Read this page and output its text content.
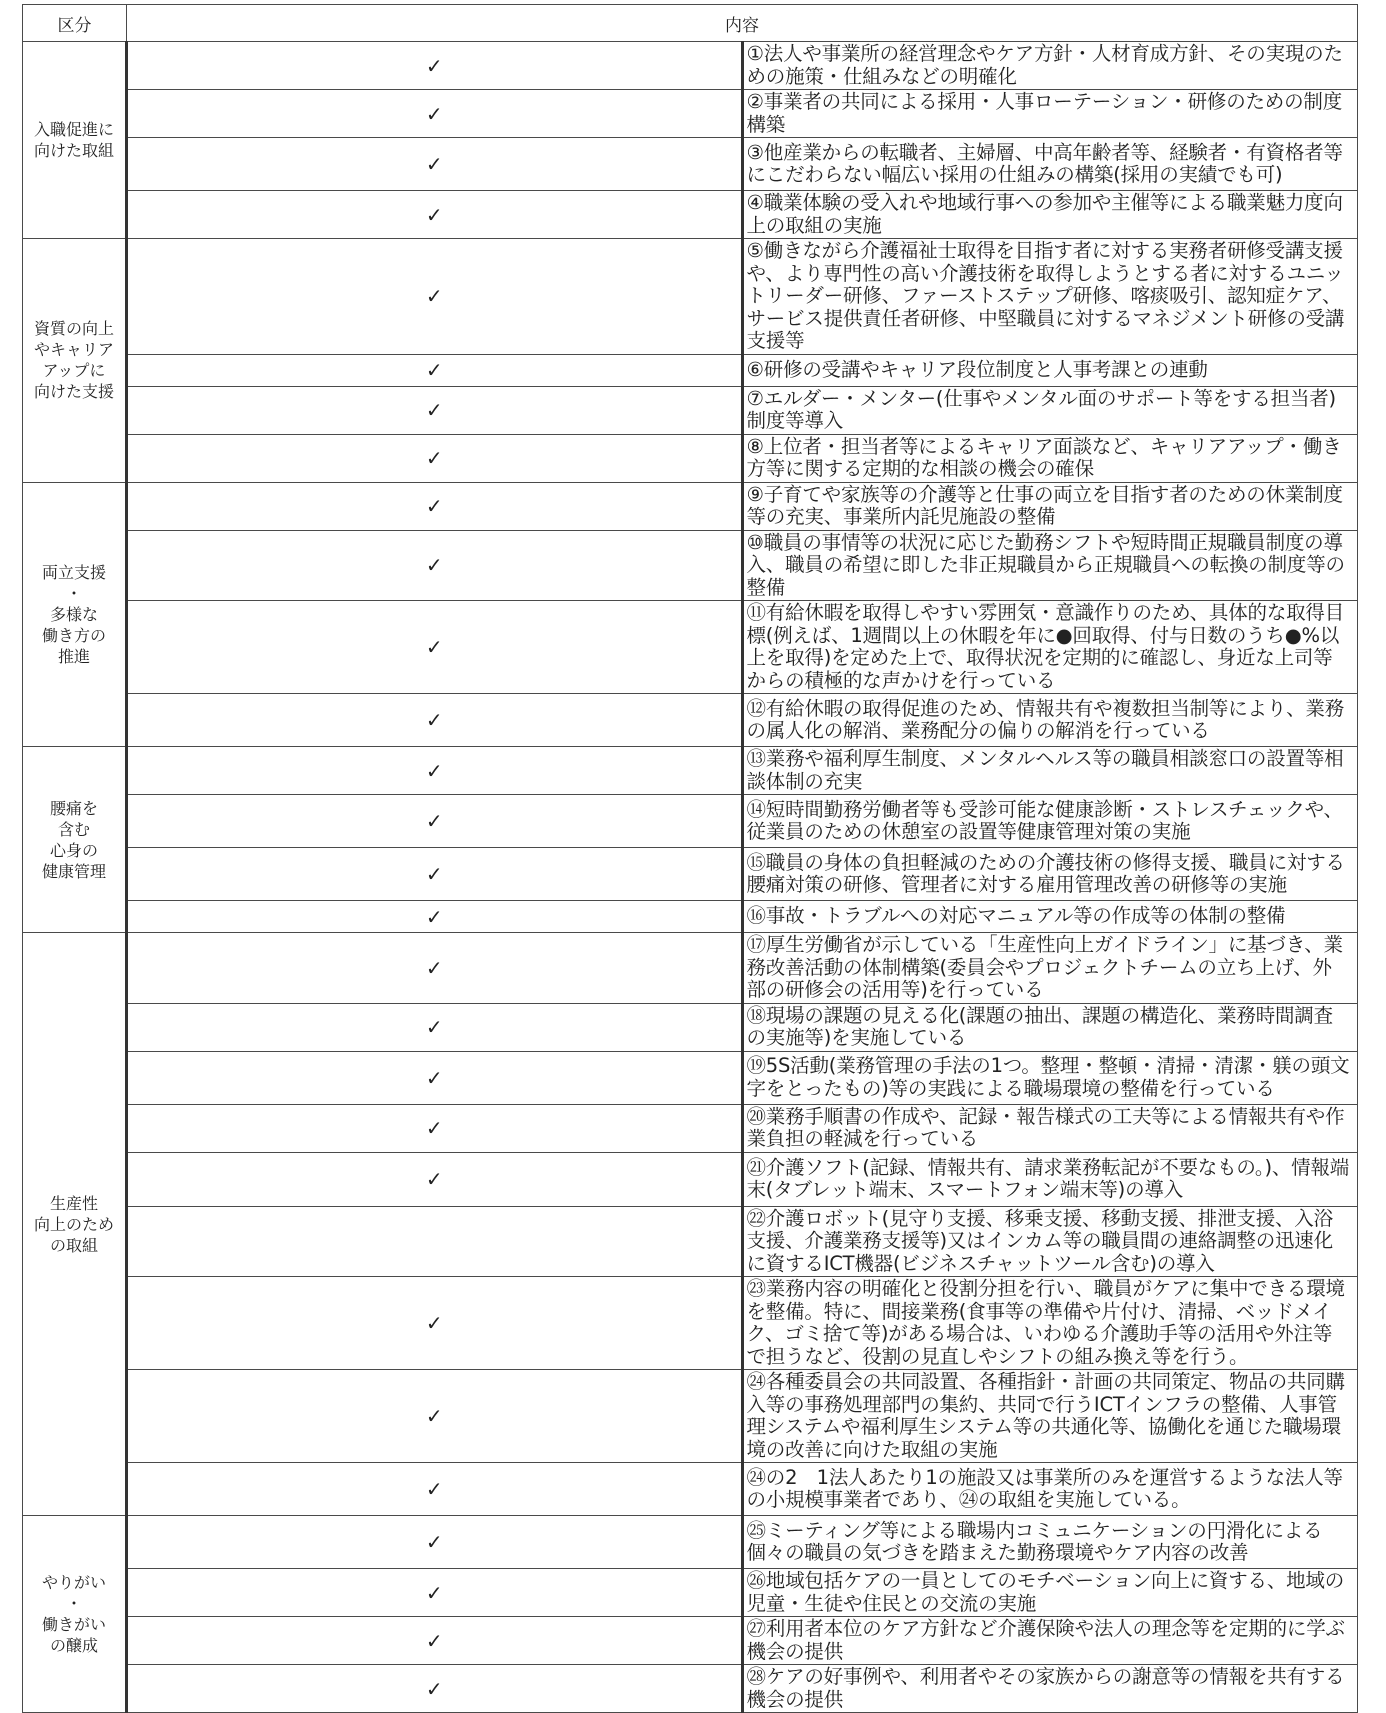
区分	内容	
入職促進に
向けた取組	✓	①法人や事業所の経営理念やケア方針・人材育成方針、その実現のための施策・仕組みなどの明確化
	✓	②事業者の共同による採用・人事ローテーション・研修のための制度構築
	✓	③他産業からの転職者、主婦層、中高年齢者等、経験者・有資格者等にこだわらない幅広い採用の仕組みの構築(採用の実績でも可)
	✓	④職業体験の受入れや地域行事への参加や主催等による職業魅力度向上の取組の実施
資質の向上
やキャリア
アップに
向けた支援	✓	⑤働きながら介護福祉士取得を目指す者に対する実務者研修受講支援や、より専門性の高い介護技術を取得しようとする者に対するユニットリーダー研修、ファーストステップ研修、喀痰吸引、認知症ケア、サービス提供責任者研修、中堅職員に対するマネジメント研修の受講支援等
	✓	⑥研修の受講やキャリア段位制度と人事考課との連動
	✓	⑦エルダー・メンター(仕事やメンタル面のサポート等をする担当者)制度等導入
	✓	⑧上位者・担当者等によるキャリア面談など、キャリアアップ・働き方等に関する定期的な相談の機会の確保
両立支援
・
多様な
働き方の
推進	✓	⑨子育てや家族等の介護等と仕事の両立を目指す者のための休業制度等の充実、事業所内託児施設の整備
	✓	⑩職員の事情等の状況に応じた勤務シフトや短時間正規職員制度の導入、職員の希望に即した非正規職員から正規職員への転換の制度等の整備
	✓	⑪有給休暇を取得しやすい雰囲気・意識作りのため、具体的な取得目標(例えば、1週間以上の休暇を年に●回取得、付与日数のうち●%以上を取得)を定めた上で、取得状況を定期的に確認し、身近な上司等からの積極的な声かけを行っている
	✓	⑫有給休暇の取得促進のため、情報共有や複数担当制等により、業務の属人化の解消、業務配分の偏りの解消を行っている
腰痛を
含む
心身の
健康管理	✓	⑬業務や福利厚生制度、メンタルヘルス等の職員相談窓口の設置等相談体制の充実
	✓	⑭短時間勤務労働者等も受診可能な健康診断・ストレスチェックや、従業員のための休憩室の設置等健康管理対策の実施
	✓	⑮職員の身体の負担軽減のための介護技術の修得支援、職員に対する腰痛対策の研修、管理者に対する雇用管理改善の研修等の実施
	✓	⑯事故・トラブルへの対応マニュアル等の作成等の体制の整備
生産性
向上のため
の取組	✓	⑰厚生労働省が示している「生産性向上ガイドライン」に基づき、業務改善活動の体制構築(委員会やプロジェクトチームの立ち上げ、外部の研修会の活用等)を行っている
	✓	⑱現場の課題の見える化(課題の抽出、課題の構造化、業務時間調査の実施等)を実施している
	✓	⑲5S活動(業務管理の手法の1つ。整理・整頓・清掃・清潔・躾の頭文字をとったもの)等の実践による職場環境の整備を行っている
	✓	⑳業務手順書の作成や、記録・報告様式の工夫等による情報共有や作業負担の軽減を行っている
	✓	㉑介護ソフト(記録、情報共有、請求業務転記が不要なもの。)、情報端末(タブレット端末、スマートフォン端末等)の導入
		㉒介護ロボット(見守り支援、移乗支援、移動支援、排泄支援、入浴支援、介護業務支援等)又はインカム等の職員間の連絡調整の迅速化に資するICT機器(ビジネスチャットツール含む)の導入
	✓	㉓業務内容の明確化と役割分担を行い、職員がケアに集中できる環境を整備。特に、間接業務(食事等の準備や片付け、清掃、ベッドメイク、ゴミ捨て等)がある場合は、いわゆる介護助手等の活用や外注等で担うなど、役割の見直しやシフトの組み換え等を行う。
	✓	㉔各種委員会の共同設置、各種指針・計画の共同策定、物品の共同購入等の事務処理部門の集約、共同で行うICTインフラの整備、人事管理システムや福利厚生システム等の共通化等、協働化を通じた職場環境の改善に向けた取組の実施
	✓	㉔の2　1法人あたり1の施設又は事業所のみを運営するような法人等の小規模事業者であり、㉔の取組を実施している。
やりがい
・
働きがい
の醸成	✓	㉕ミーティング等による職場内コミュニケーションの円滑化による個々の職員の気づきを踏まえた勤務環境やケア内容の改善
	✓	㉖地域包括ケアの一員としてのモチベーション向上に資する、地域の児童・生徒や住民との交流の実施
	✓	㉗利用者本位のケア方針など介護保険や法人の理念等を定期的に学ぶ機会の提供
	✓	㉘ケアの好事例や、利用者やその家族からの謝意等の情報を共有する機会の提供
